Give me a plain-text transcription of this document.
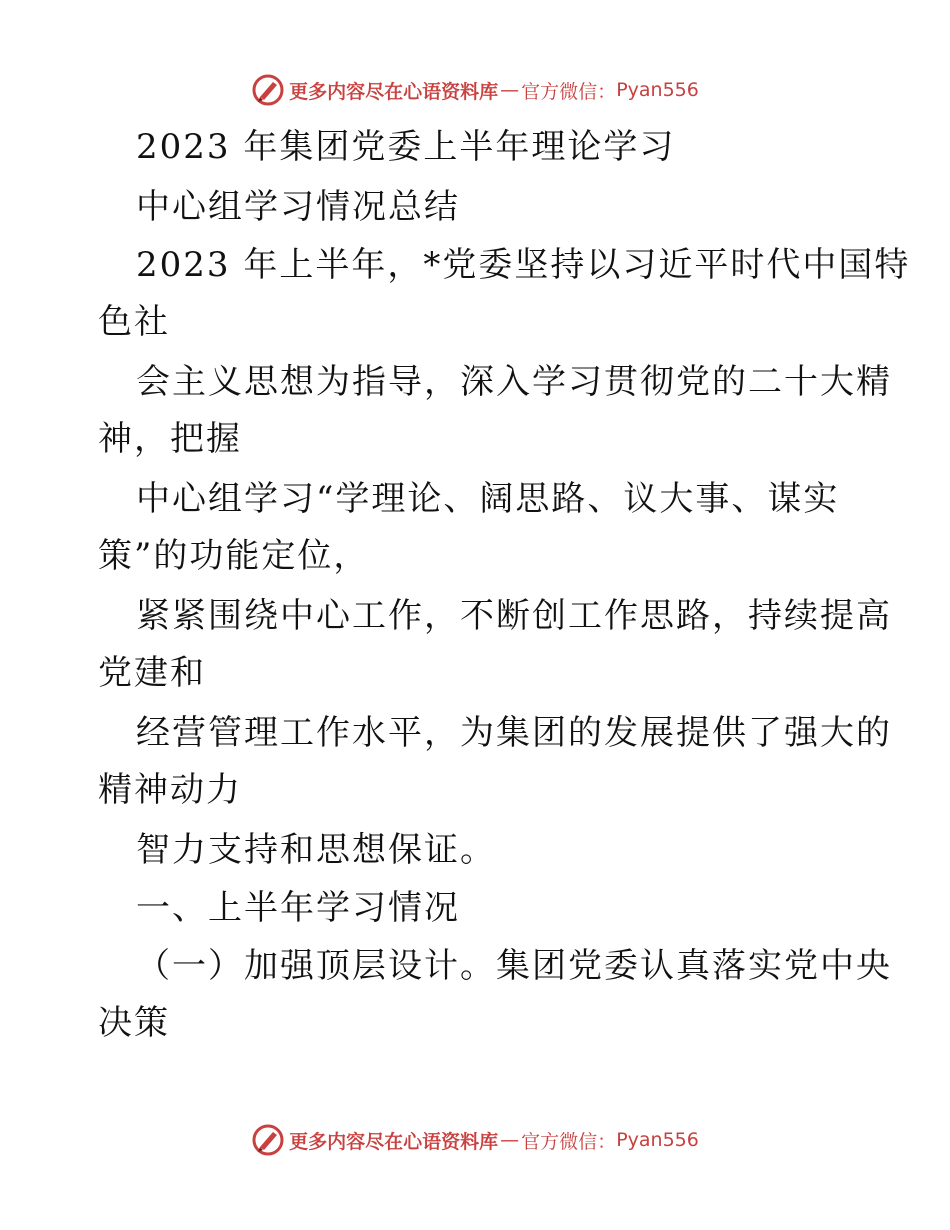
更多内容尽在心语资料库 — 官方微信： Pyan556
2023 年集团党委上半年理论学习
中心组学习情况总结
2023 年上半年，*党委坚持以习近平时代中国特
色社
会主义思想为指导，深入学习贯彻党的二十大精
神，把握
中心组学习“学理论、阔思路、议大事、谋实
策”的功能定位，
紧紧围绕中心工作，不断创工作思路，持续提高
党建和
经营管理工作水平，为集团的发展提供了强大的
精神动力
智力支持和思想保证。
一、上半年学习情况
（一）加强顶层设计。集团党委认真落实党中央
决策
更多内容尽在心语资料库 — 官方微信： Pyan556
